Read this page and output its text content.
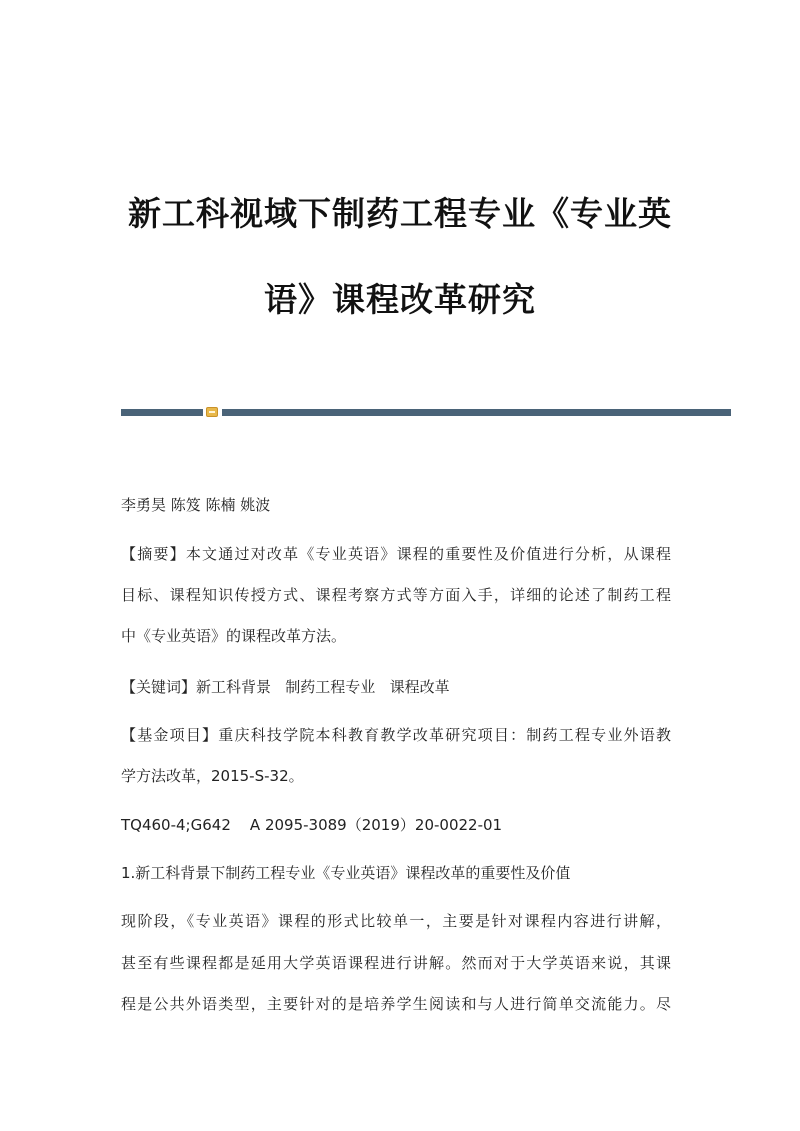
新工科视域下制药工程专业《专业英
语》课程改革研究
李勇昊 陈笈 陈楠 姚波
【摘要】本文通过对改革《专业英语》课程的重要性及价值进行分析，从课程
目标、课程知识传授方式、课程考察方式等方面入手，详细的论述了制药工程
中《专业英语》的课程改革方法。
【关键词】新工科背景   制药工程专业   课程改革
【基金项目】重庆科技学院本科教育教学改革研究项目：制药工程专业外语教
学方法改革，2015-S-32。
TQ460-4;G642    A 2095-3089（2019）20-0022-01
1.新工科背景下制药工程专业《专业英语》课程改革的重要性及价值
现阶段，《专业英语》课程的形式比较单一，主要是针对课程内容进行讲解，
甚至有些课程都是延用大学英语课程进行讲解。然而对于大学英语来说，其课
程是公共外语类型，主要针对的是培养学生阅读和与人进行简单交流能力。尽
